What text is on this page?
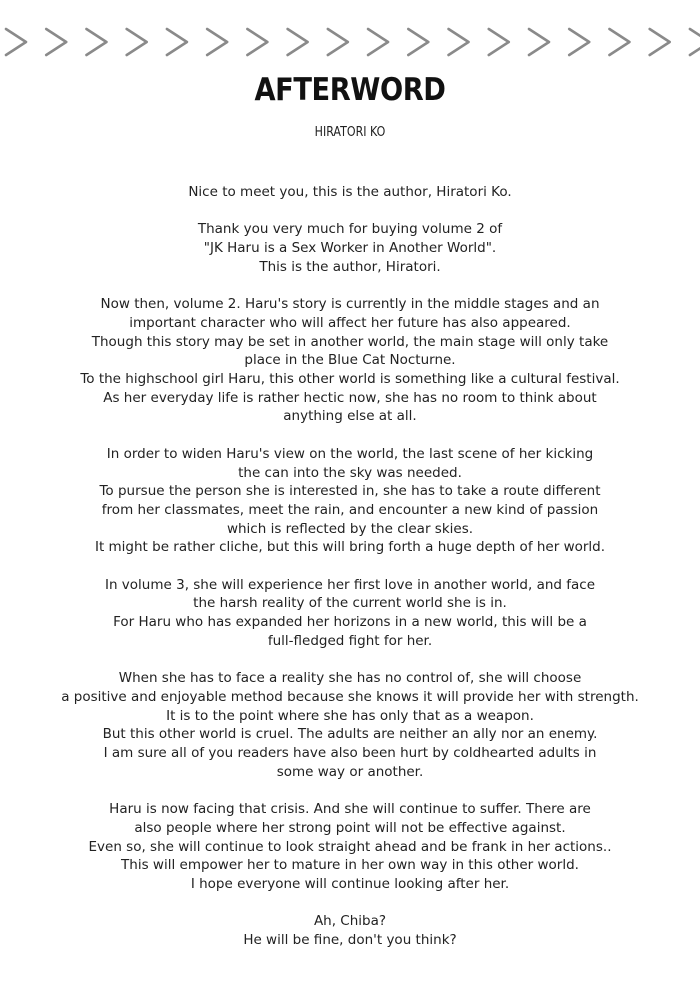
AFTERWORD
HIRATORI KO
Nice to meet you, this is the author, Hiratori Ko.
Thank you very much for buying volume 2 of
"JK Haru is a Sex Worker in Another World".
This is the author, Hiratori.
Now then, volume 2. Haru's story is currently in the middle stages and an
important character who will affect her future has also appeared.
Though this story may be set in another world, the main stage will only take
place in the Blue Cat Nocturne.
To the highschool girl Haru, this other world is something like a cultural festival.
As her everyday life is rather hectic now, she has no room to think about
anything else at all.
In order to widen Haru's view on the world, the last scene of her kicking
the can into the sky was needed.
To pursue the person she is interested in, she has to take a route different
from her classmates, meet the rain, and encounter a new kind of passion
which is reflected by the clear skies.
It might be rather cliche, but this will bring forth a huge depth of her world.
In volume 3, she will experience her first love in another world, and face
the harsh reality of the current world she is in.
For Haru who has expanded her horizons in a new world, this will be a
full-fledged fight for her.
When she has to face a reality she has no control of, she will choose
a positive and enjoyable method because she knows it will provide her with strength.
It is to the point where she has only that as a weapon.
But this other world is cruel. The adults are neither an ally nor an enemy.
I am sure all of you readers have also been hurt by coldhearted adults in
some way or another.
Haru is now facing that crisis. And she will continue to suffer. There are
also people where her strong point will not be effective against.
Even so, she will continue to look straight ahead and be frank in her actions..
This will empower her to mature in her own way in this other world.
I hope everyone will continue looking after her.
Ah, Chiba?
He will be fine, don't you think?
